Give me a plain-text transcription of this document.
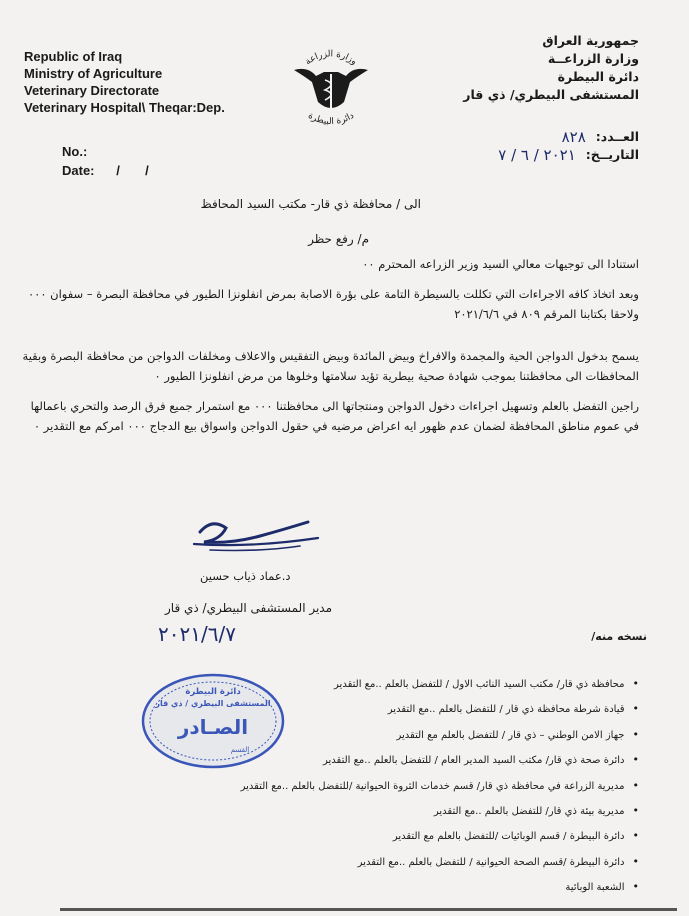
Republic of Iraq
Ministry of Agriculture
Veterinary Directorate
Veterinary Hospital\ Theqar:Dep.
وزارة الزراعة
دائرة البيطرة
جمهورية العراق
وزارة الزراعــة
دائرة البيطرة
المستشفى البيطري/ ذي قار
No.:
Date: /       /
العــدد:
٨٢٨
التاريــخ:
٢٠٢١ / ٦ / ٧
الى / محافظة ذي قار- مكتب السيد المحافظ
م/ رفع حظر
استنادا الى توجيهات معالي السيد وزير الزراعه المحترم ٠٠
وبعد اتخاذ كافه الاجراءات التي تكللت بالسيطرة التامة على بؤرة الاصابة بمرض انفلونزا الطيور في محافظة البصرة – سفوان ٠٠٠ ولاحقا بكتابنا المرقم ٨٠٩ في ٢٠٢١/٦/٦
يسمح بدخول الدواجن الحية والمجمدة والافراخ وبيض المائدة وبيض التفقيس والاعلاف ومخلفات الدواجن من محافظة البصرة وبقية المحافظات الى محافظتنا بموجب شهادة صحية بيطرية تؤيد سلامتها وخلوها من مرض انفلونزا الطيور ٠
راجين التفضل بالعلم وتسهيل اجراءات دخول الدواجن ومنتجاتها الى محافظتنا ٠٠٠ مع استمرار جميع فرق الرصد والتحري باعمالها في عموم مناطق المحافظة لضمان عدم ظهور ايه اعراض مرضيه في حقول الدواجن واسواق بيع الدجاج ٠٠٠ امركم مع التقدير ٠
د.عماد ذياب حسين
مدير المستشفى البيطري/ ذي قار
٢٠٢١/٦/٧	نسخه منه/
• محافظة ذي قار/ مكتب السيد النائب الاول / للتفضل بالعلم ..مع التقدير
• قيادة شرطة محافظة ذي قار / للتفضل بالعلم ..مع التقدير
• جهاز الامن الوطني – ذي قار / للتفضل بالعلم مع التقدير
• دائرة صحة ذي قار/ مكتب السيد المدير العام / للتفضل بالعلم ..مع التقدير
• مديرية الزراعة في محافظة ذي قار/ قسم خدمات الثروة الحيوانية /للتفضل بالعلم ..مع التقدير
• مديرية بيئة ذي قار/ للتفضل بالعلم ..مع التقدير
• دائرة البيطرة / قسم الوبائيات /للتفضل بالعلم مع التقدير
• دائرة البيطرة /قسم الصحة الحيوانية / للتفضل بالعلم ..مع التقدير
• الشعبة الوبائية
دائرة البيطرة
المستشفى البيطري / ذي قار
الصـادر
القسم
